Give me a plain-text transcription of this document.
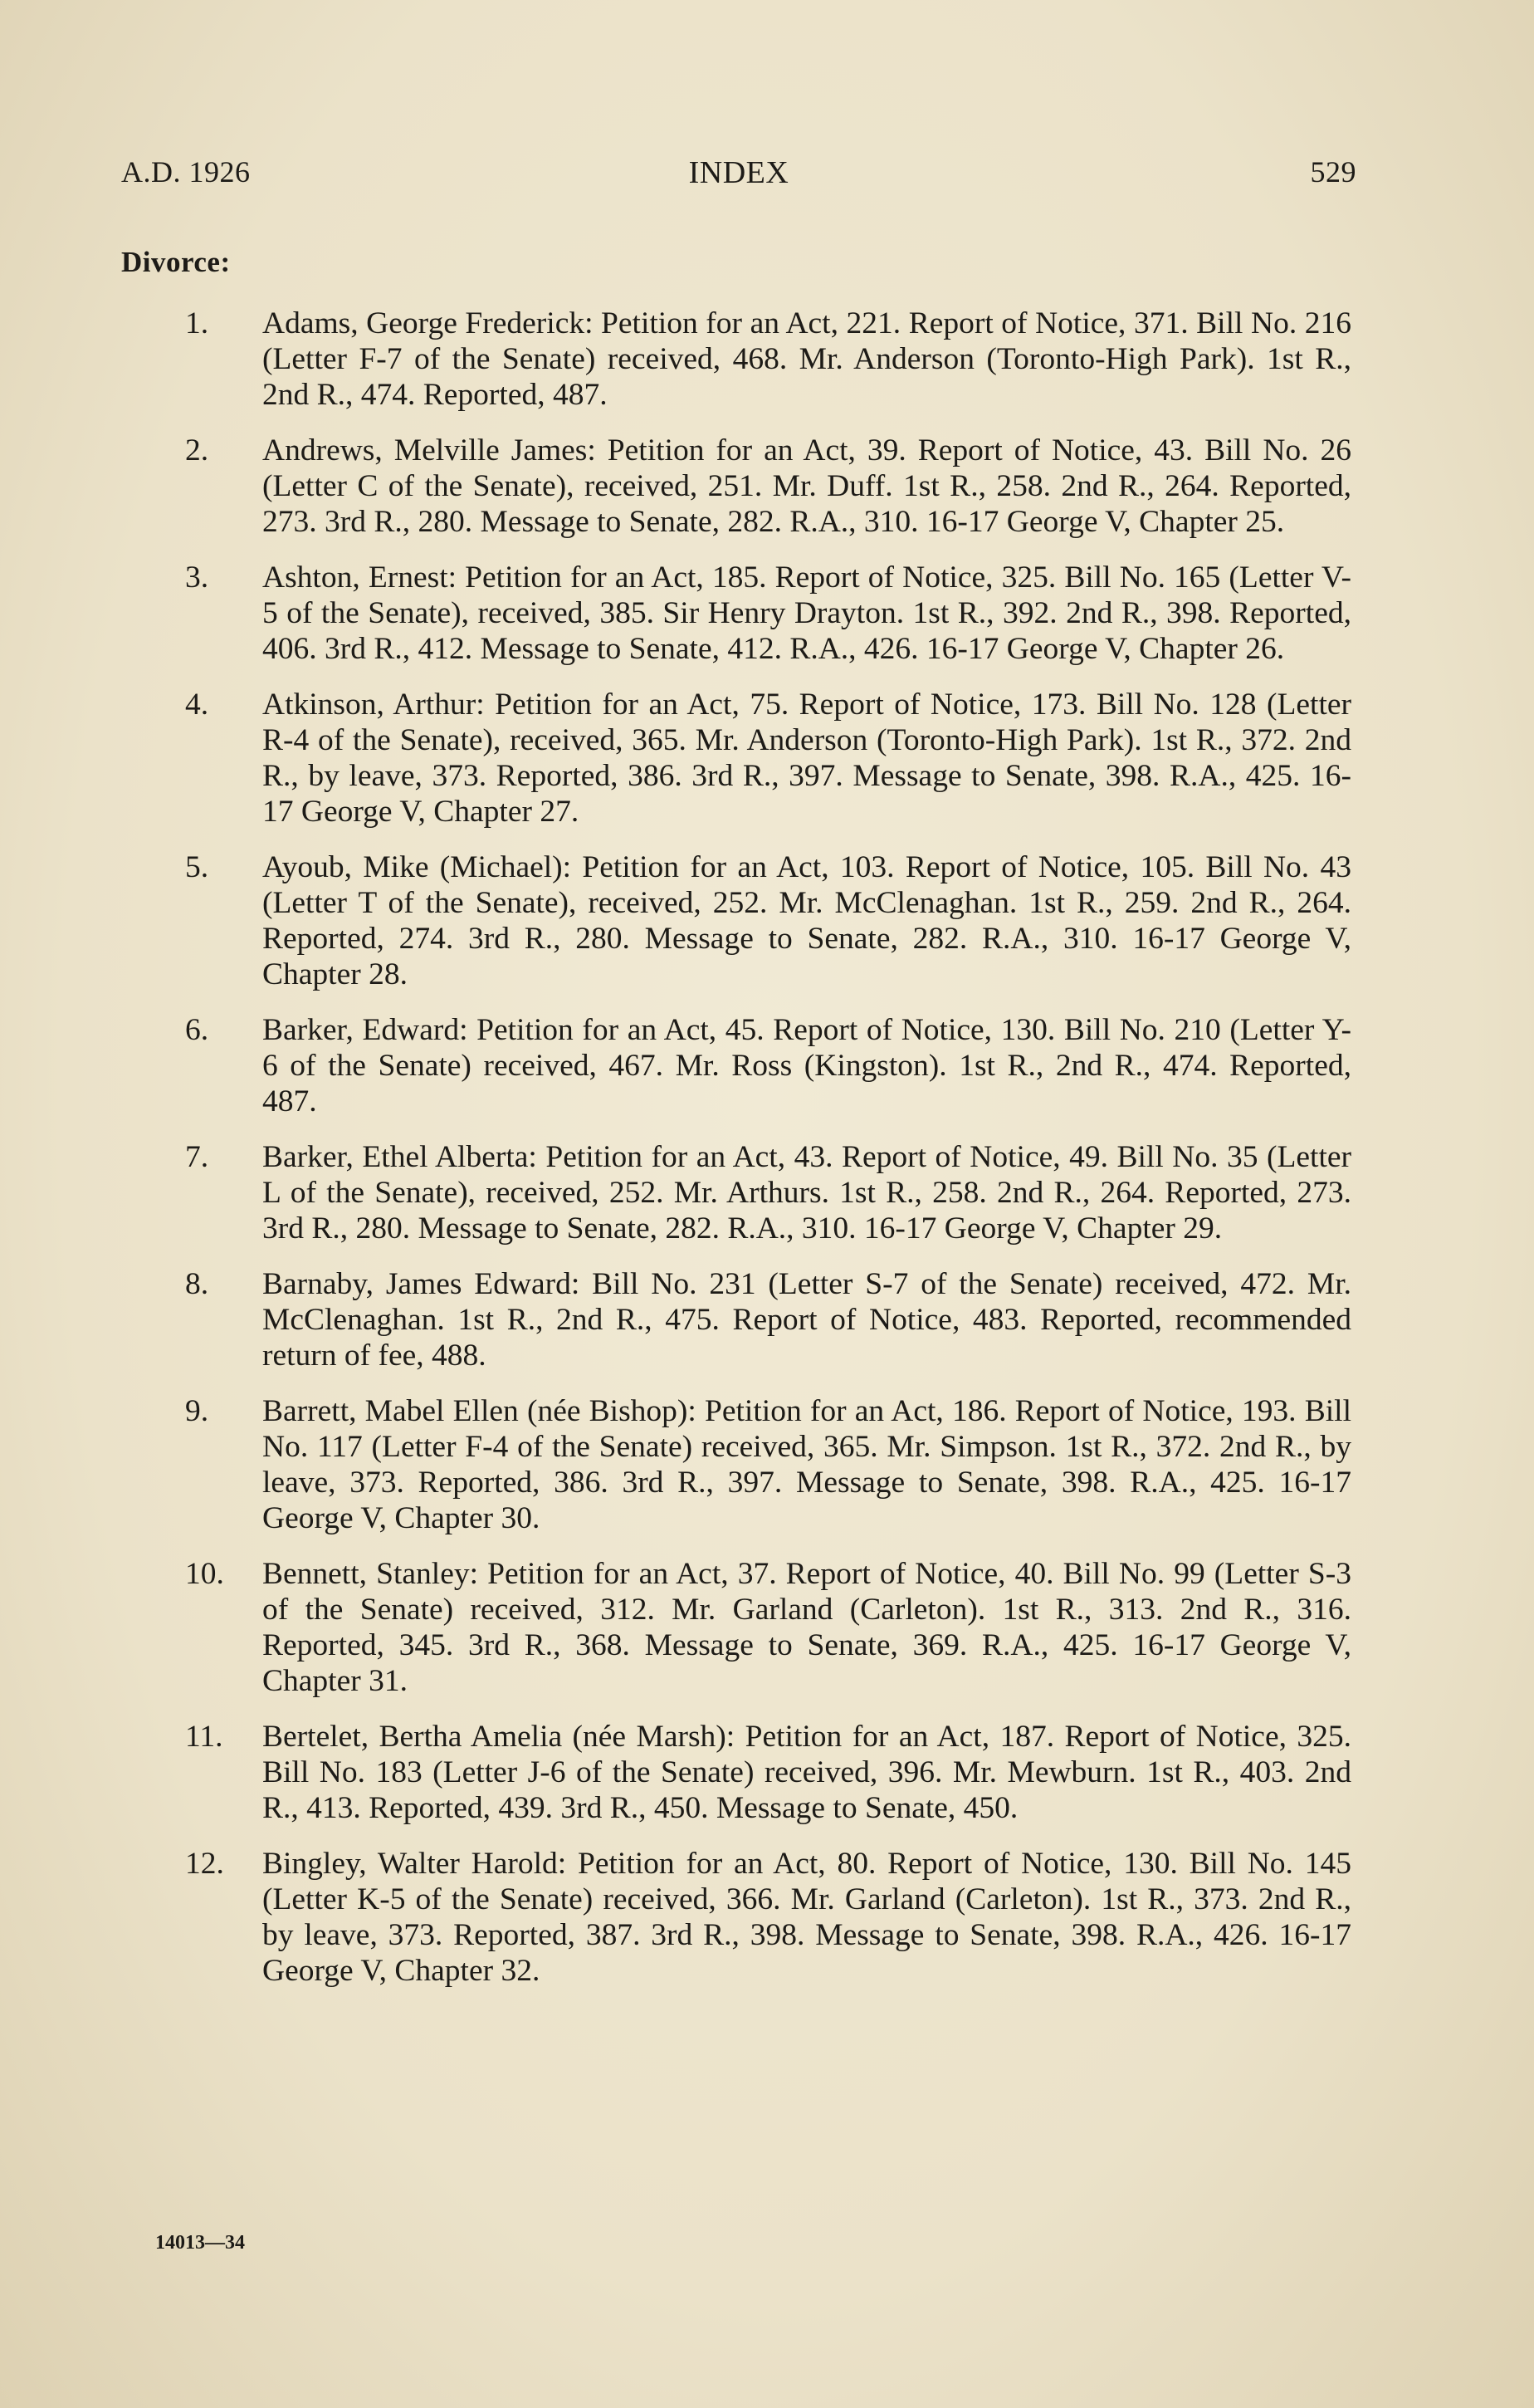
A.D. 1926	INDEX	529
Divorce:
1. Adams, George Frederick: Petition for an Act, 221. Report of Notice, 371. Bill No. 216 (Letter F-7 of the Senate) received, 468. Mr. Anderson (Toronto-High Park). 1st R., 2nd R., 474. Reported, 487.
2. Andrews, Melville James: Petition for an Act, 39. Report of Notice, 43. Bill No. 26 (Letter C of the Senate), received, 251. Mr. Duff. 1st R., 258. 2nd R., 264. Reported, 273. 3rd R., 280. Message to Senate, 282. R.A., 310. 16-17 George V, Chapter 25.
3. Ashton, Ernest: Petition for an Act, 185. Report of Notice, 325. Bill No. 165 (Letter V-5 of the Senate), received, 385. Sir Henry Drayton. 1st R., 392. 2nd R., 398. Reported, 406. 3rd R., 412. Message to Senate, 412. R.A., 426. 16-17 George V, Chapter 26.
4. Atkinson, Arthur: Petition for an Act, 75. Report of Notice, 173. Bill No. 128 (Letter R-4 of the Senate), received, 365. Mr. Anderson (Toronto-High Park). 1st R., 372. 2nd R., by leave, 373. Reported, 386. 3rd R., 397. Message to Senate, 398. R.A., 425. 16-17 George V, Chapter 27.
5. Ayoub, Mike (Michael): Petition for an Act, 103. Report of Notice, 105. Bill No. 43 (Letter T of the Senate), received, 252. Mr. McClenaghan. 1st R., 259. 2nd R., 264. Reported, 274. 3rd R., 280. Message to Senate, 282. R.A., 310. 16-17 George V, Chapter 28.
6. Barker, Edward: Petition for an Act, 45. Report of Notice, 130. Bill No. 210 (Letter Y-6 of the Senate) received, 467. Mr. Ross (Kingston). 1st R., 2nd R., 474. Reported, 487.
7. Barker, Ethel Alberta: Petition for an Act, 43. Report of Notice, 49. Bill No. 35 (Letter L of the Senate), received, 252. Mr. Arthurs. 1st R., 258. 2nd R., 264. Reported, 273. 3rd R., 280. Message to Senate, 282. R.A., 310. 16-17 George V, Chapter 29.
8. Barnaby, James Edward: Bill No. 231 (Letter S-7 of the Senate) received, 472. Mr. McClenaghan. 1st R., 2nd R., 475. Report of Notice, 483. Reported, recommended return of fee, 488.
9. Barrett, Mabel Ellen (née Bishop): Petition for an Act, 186. Report of Notice, 193. Bill No. 117 (Letter F-4 of the Senate) received, 365. Mr. Simpson. 1st R., 372. 2nd R., by leave, 373. Reported, 386. 3rd R., 397. Message to Senate, 398. R.A., 425. 16-17 George V, Chapter 30.
10. Bennett, Stanley: Petition for an Act, 37. Report of Notice, 40. Bill No. 99 (Letter S-3 of the Senate) received, 312. Mr. Garland (Carleton). 1st R., 313. 2nd R., 316. Reported, 345. 3rd R., 368. Message to Senate, 369. R.A., 425. 16-17 George V, Chapter 31.
11. Bertelet, Bertha Amelia (née Marsh): Petition for an Act, 187. Report of Notice, 325. Bill No. 183 (Letter J-6 of the Senate) received, 396. Mr. Mewburn. 1st R., 403. 2nd R., 413. Reported, 439. 3rd R., 450. Message to Senate, 450.
12. Bingley, Walter Harold: Petition for an Act, 80. Report of Notice, 130. Bill No. 145 (Letter K-5 of the Senate) received, 366. Mr. Garland (Carleton). 1st R., 373. 2nd R., by leave, 373. Reported, 387. 3rd R., 398. Message to Senate, 398. R.A., 426. 16-17 George V, Chapter 32.
14013—34
